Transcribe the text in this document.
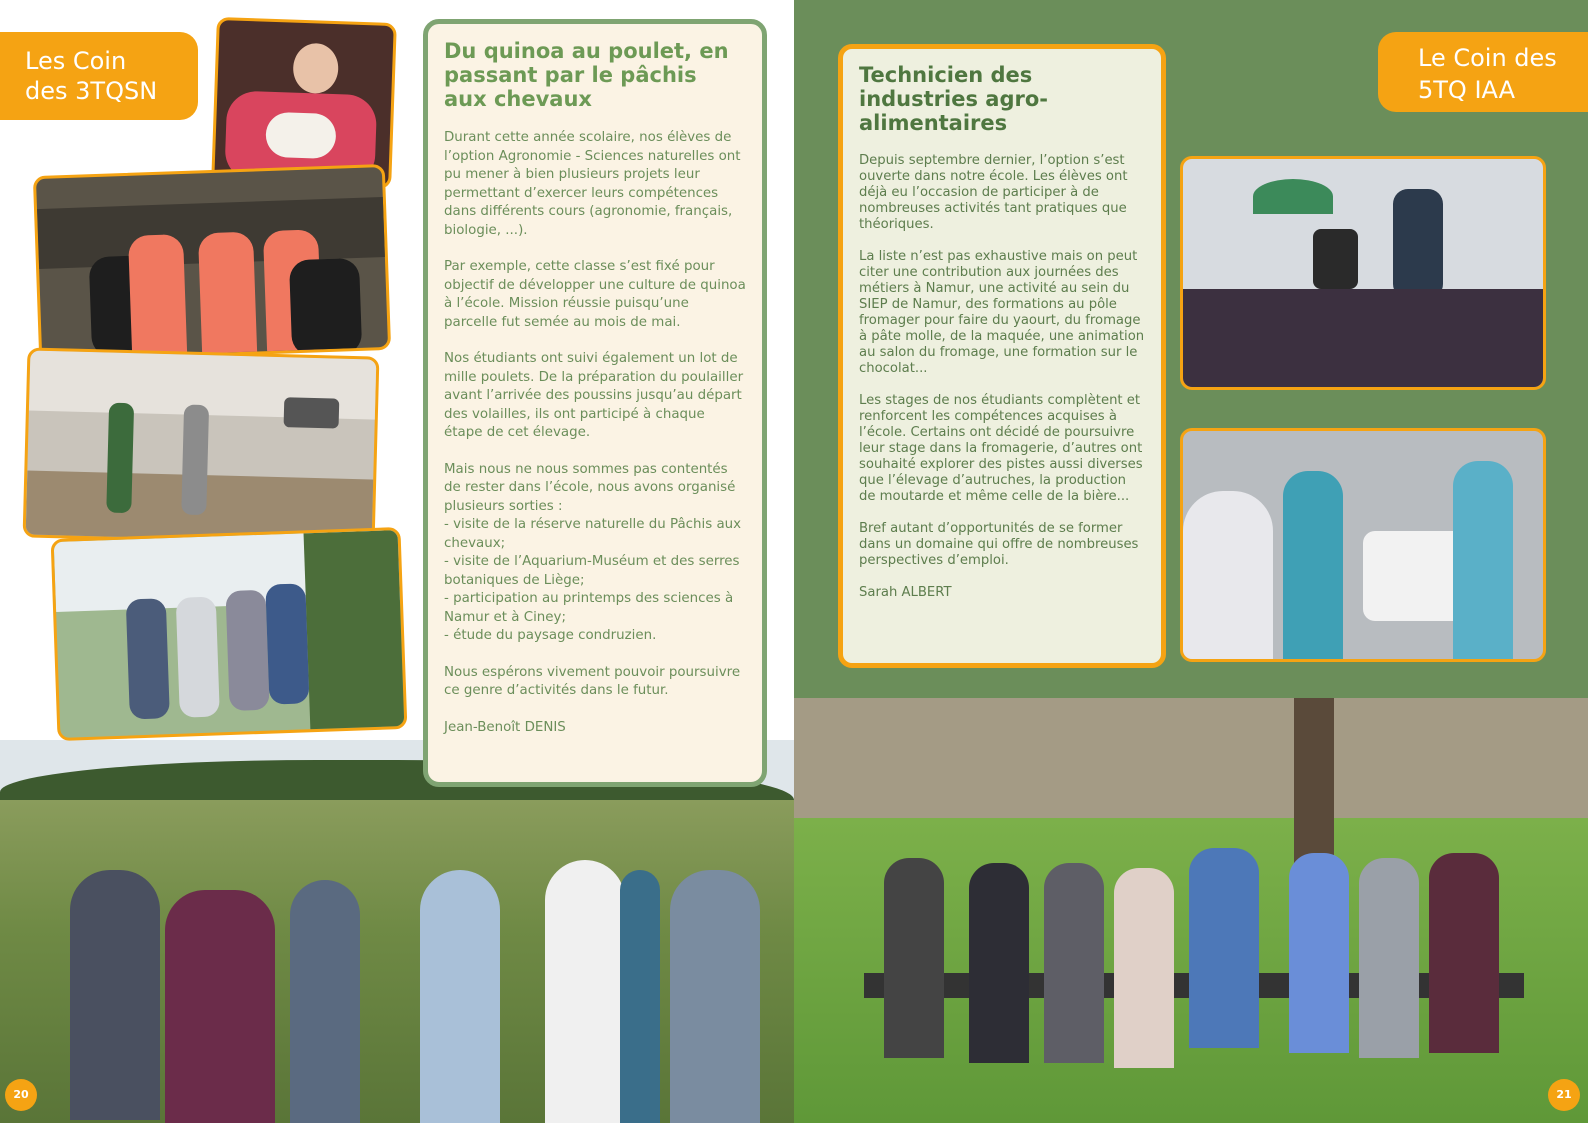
Les Coin
des 3TQSN
Du quinoa au poulet, en passant par le pâchis aux chevaux

Durant cette année scolaire, nos élèves de l’option Agronomie - Sciences naturelles ont pu mener à bien plusieurs projets leur permettant d’exercer leurs compétences dans différents cours (agronomie, français, biologie, ...).

Par exemple, cette classe s’est fixé pour objectif de développer une culture de quinoa à l’école. Mission réussie puisqu’une parcelle fut semée au mois de mai.

Nos étudiants ont suivi également un lot de mille poulets. De la préparation du poulailler avant l’arrivée des poussins jusqu’au départ des volailles, ils ont participé à chaque étape de cet élevage.

Mais nous ne nous sommes pas contentés de rester dans l’école, nous avons organisé plusieurs sorties :
- visite de la réserve naturelle du Pâchis aux chevaux;
- visite de l’Aquarium-Muséum et des serres botaniques de Liège;
- participation au printemps des sciences à Namur et à Ciney;
- étude du paysage condruzien.

Nous espérons vivement pouvoir poursuivre ce genre d’activités dans le futur.

Jean-Benoît DENIS

20
Le Coin des
5TQ IAA
Technicien des industries agro-alimentaires

Depuis septembre dernier, l’option s’est ouverte dans notre école. Les élèves ont déjà eu l’occasion de participer à de nombreuses activités tant pratiques que théoriques.

La liste n’est pas exhaustive mais on peut citer une contribution aux journées des métiers à Namur, une activité au sein du SIEP de Namur, des formations au pôle fromager pour faire du yaourt, du fromage à pâte molle, de la maquée, une animation au salon du fromage, une formation sur le chocolat...

Les stages de nos étudiants complètent et renforcent les compétences acquises à l’école. Certains ont décidé de poursuivre leur stage dans la fromagerie, d’autres ont souhaité explorer des pistes aussi diverses que l’élevage d’autruches, la production de moutarde et même celle de la bière...

Bref autant d’opportunités de se former dans un domaine qui offre de nombreuses perspectives d’emploi.

Sarah ALBERT

21
